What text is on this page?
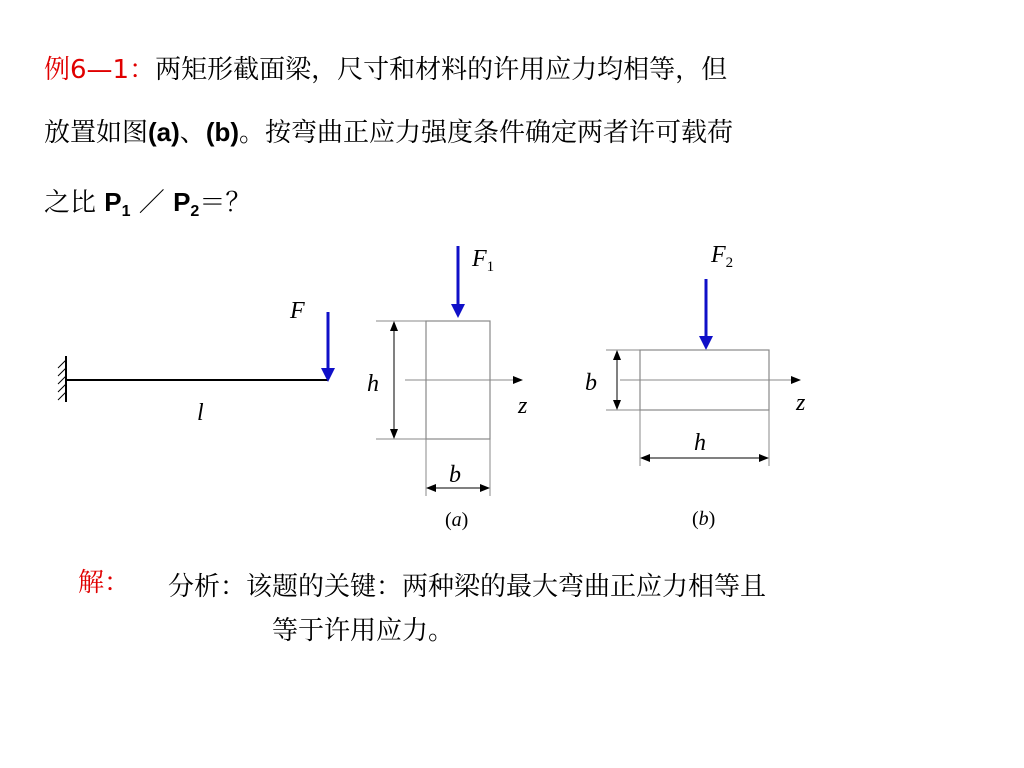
例6—1：两矩形截面梁，尺寸和材料的许用应力均相等，但
放置如图(a)、(b)。按弯曲正应力强度条件确定两者许可载荷
之比 $P_1$ ／ $P_2=$？
F
l
$F_1$
z
h
b
(a)
$F_2$
z
b
h
(b)
解： 分析：该题的关键：两种梁的最大弯曲正应力相等且
等于许用应力。
